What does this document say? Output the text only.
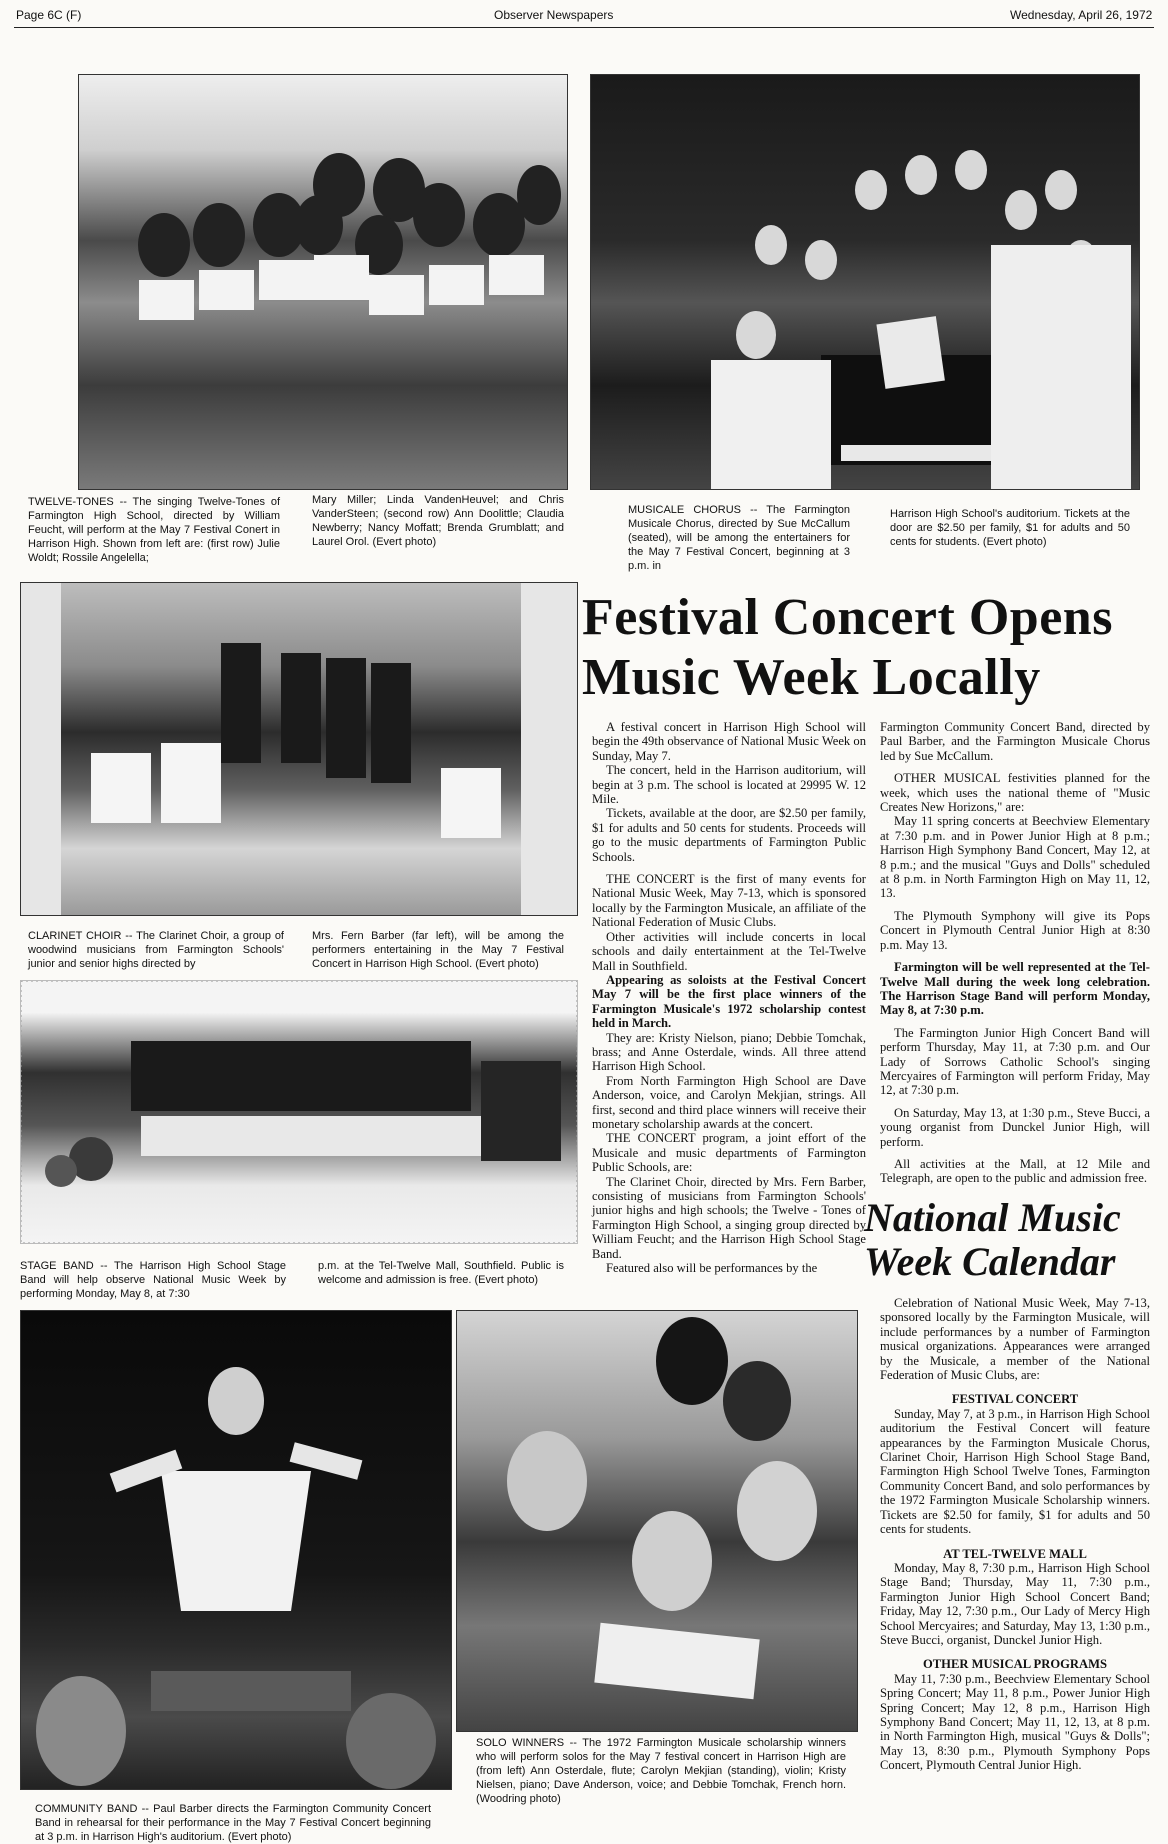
Page 6C (F)	Observer Newspapers	Wednesday, April 26, 1972
TWELVE-TONES -- The singing Twelve-Tones of Farmington High School, directed by William Feucht, will perform at the May 7 Festival Conert in Harrison High. Shown from left are: (first row) Julie Woldt; Rossile Angelella;
Mary Miller; Linda VandenHeuvel; and Chris VanderSteen; (second row) Ann Doolittle; Claudia Newberry; Nancy Moffatt; Brenda Grumblatt; and Laurel Orol. (Evert photo)
MUSICALE CHORUS -- The Farmington Musicale Chorus, directed by Sue McCallum (seated), will be among the entertainers for the May 7 Festival Concert, beginning at 3 p.m. in
Harrison High School's auditorium. Tickets at the door are $2.50 per family, $1 for adults and 50 cents for students. (Evert photo)
CLARINET CHOIR -- The Clarinet Choir, a group of woodwind musicians from Farmington Schools' junior and senior highs directed by
Mrs. Fern Barber (far left), will be among the performers entertaining in the May 7 Festival Concert in Harrison High School. (Evert photo)
STAGE BAND -- The Harrison High School Stage Band will help observe National Music Week by performing Monday, May 8, at 7:30
p.m. at the Tel-Twelve Mall, Southfield. Public is welcome and admission is free. (Evert photo)
Festival Concert Opens
Music Week Locally

A festival concert in Harrison High School will begin the 49th observance of National Music Week on Sunday, May 7.

The concert, held in the Harrison auditorium, will begin at 3 p.m. The school is located at 29995 W. 12 Mile.

Tickets, available at the door, are $2.50 per family, $1 for adults and 50 cents for students. Proceeds will go to the music departments of Farmington Public Schools.

THE CONCERT is the first of many events for National Music Week, May 7-13, which is sponsored locally by the Farmington Musicale, an affiliate of the National Federation of Music Clubs.

Other activities will include concerts in local schools and daily entertainment at the Tel-Twelve Mall in Southfield.

Appearing as soloists at the Festival Concert May 7 will be the first place winners of the Farmington Musicale's 1972 scholarship contest held in March.

They are: Kristy Nielson, piano; Debbie Tomchak, brass; and Anne Osterdale, winds. All three attend Harrison High School.

From North Farmington High School are Dave Anderson, voice, and Carolyn Mekjian, strings. All first, second and third place winners will receive their monetary scholarship awards at the concert.

THE CONCERT program, a joint effort of the Musicale and music departments of Farmington Public Schools, are:

The Clarinet Choir, directed by Mrs. Fern Barber, consisting of musicians from Farmington Schools' junior highs and high schools; the Twelve - Tones of Farmington High School, a singing group directed by William Feucht; and the Harrison High School Stage Band.

Featured also will be performances by the

Farmington Community Concert Band, directed by Paul Barber, and the Farmington Musicale Chorus led by Sue McCallum.

OTHER MUSICAL festivities planned for the week, which uses the national theme of "Music Creates New Horizons," are:

May 11 spring concerts at Beechview Elementary at 7:30 p.m. and in Power Junior High at 8 p.m.; Harrison High Symphony Band Concert, May 12, at 8 p.m.; and the musical "Guys and Dolls" scheduled at 8 p.m. in North Farmington High on May 11, 12, 13.

The Plymouth Symphony will give its Pops Concert in Plymouth Central Junior High at 8:30 p.m. May 13.

Farmington will be well represented at the Tel-Twelve Mall during the week long celebration. The Harrison Stage Band will perform Monday, May 8, at 7:30 p.m.

The Farmington Junior High Concert Band will perform Thursday, May 11, at 7:30 p.m. and Our Lady of Sorrows Catholic School's singing Mercyaires of Farmington will perform Friday, May 12, at 7:30 p.m.

On Saturday, May 13, at 1:30 p.m., Steve Bucci, a young organist from Dunckel Junior High, will perform.

All activities at the Mall, at 12 Mile and Telegraph, are open to the public and admission free.

National Music
Week Calendar
COMMUNITY BAND -- Paul Barber directs the Farmington Community Concert Band in rehearsal for their performance in the May 7 Festival Concert beginning at 3 p.m. in Harrison High's auditorium. (Evert photo)
SOLO WINNERS -- The 1972 Farmington Musicale scholarship winners who will perform solos for the May 7 festival concert in Harrison High are (from left) Ann Osterdale, flute; Carolyn Mekjian (standing), violin; Kristy Nielsen, piano; Dave Anderson, voice; and Debbie Tomchak, French horn. (Woodring photo)

Celebration of National Music Week, May 7-13, sponsored locally by the Farmington Musicale, will include performances by a number of Farmington musical organizations. Appearances were arranged by the Musicale, a member of the National Federation of Music Clubs, are:

FESTIVAL CONCERT

Sunday, May 7, at 3 p.m., in Harrison High School auditorium the Festival Concert will feature appearances by the Farmington Musicale Chorus, Clarinet Choir, Harrison High School Stage Band, Farmington High School Twelve Tones, Farmington Community Concert Band, and solo performances by the 1972 Farmington Musicale Scholarship winners. Tickets are $2.50 for family, $1 for adults and 50 cents for students.

AT TEL-TWELVE MALL

Monday, May 8, 7:30 p.m., Harrison High School Stage Band; Thursday, May 11, 7:30 p.m., Farmington Junior High School Concert Band; Friday, May 12, 7:30 p.m., Our Lady of Mercy High School Mercyaires; and Saturday, May 13, 1:30 p.m., Steve Bucci, organist, Dunckel Junior High.

OTHER MUSICAL PROGRAMS

May 11, 7:30 p.m., Beechview Elementary School Spring Concert; May 11, 8 p.m., Power Junior High Spring Concert; May 12, 8 p.m., Harrison High Symphony Band Concert; May 11, 12, 13, at 8 p.m. in North Farmington High, musical "Guys & Dolls"; May 13, 8:30 p.m., Plymouth Symphony Pops Concert, Plymouth Central Junior High.
